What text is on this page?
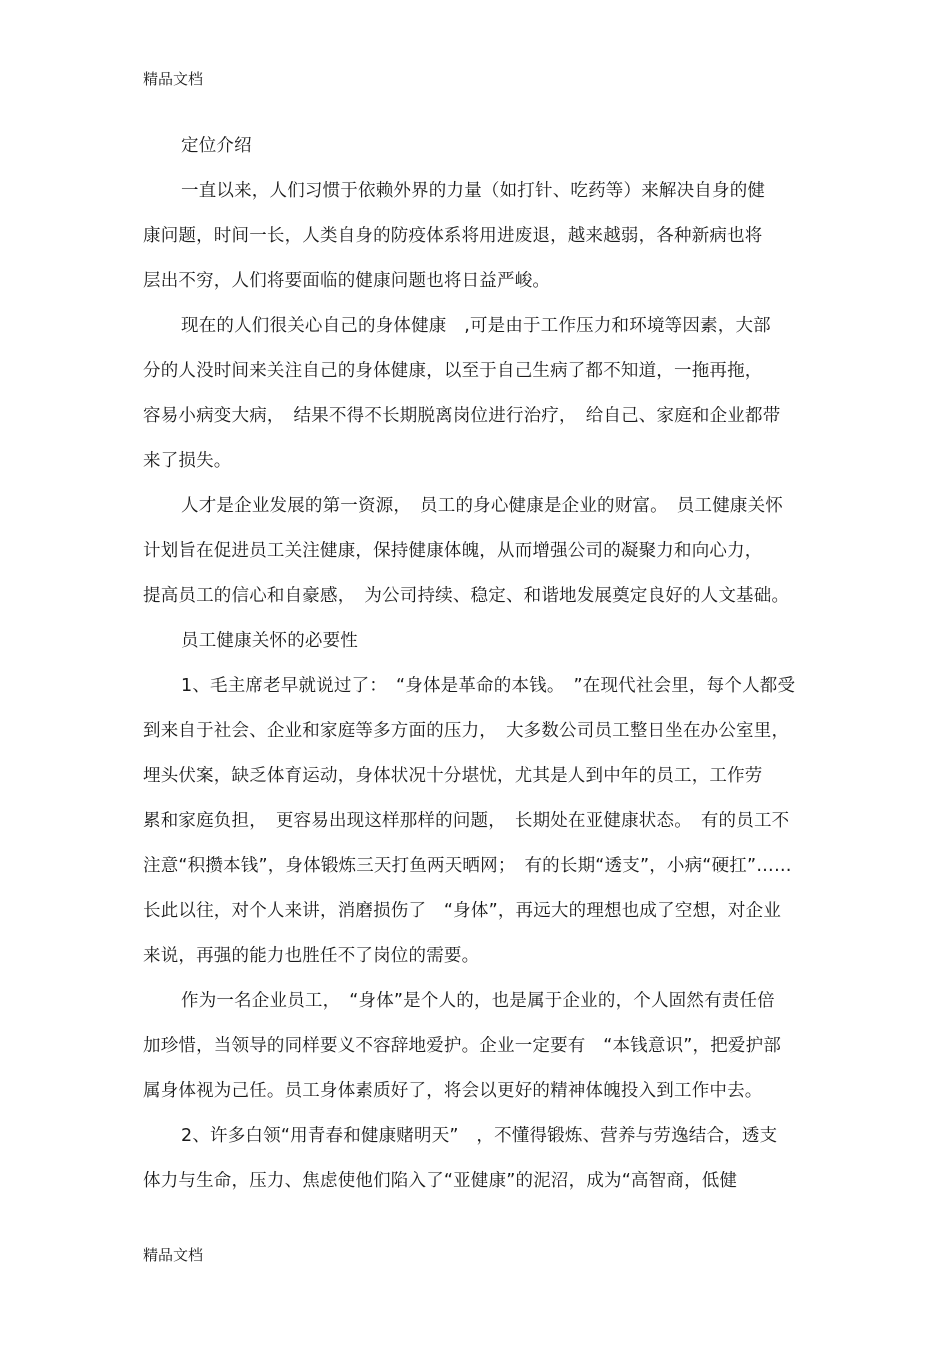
精品文档
定位介绍
一直以来，人们习惯于依赖外界的力量（如打针、吃药等）来解决自身的健
康问题，时间一长，人类自身的防疫体系将用进废退，越来越弱，各种新病也将
层出不穷，人们将要面临的健康问题也将日益严峻。
现在的人们很关心自己的身体健康　,可是由于工作压力和环境等因素，大部
分的人没时间来关注自己的身体健康，以至于自己生病了都不知道，一拖再拖，
容易小病变大病，　结果不得不长期脱离岗位进行治疗，　给自己、家庭和企业都带
来了损失。
人才是企业发展的第一资源，　员工的身心健康是企业的财富。　员工健康关怀
计划旨在促进员工关注健康，保持健康体魄，从而增强公司的凝聚力和向心力，
提高员工的信心和自豪感，　为公司持续、稳定、和谐地发展奠定良好的人文基础。
员工健康关怀的必要性
1、毛主席老早就说过了：　“身体是革命的本钱。　”在现代社会里，每个人都受
到来自于社会、企业和家庭等多方面的压力，　大多数公司员工整日坐在办公室里，
埋头伏案，缺乏体育运动，身体状况十分堪忧，尤其是人到中年的员工，工作劳
累和家庭负担，　更容易出现这样那样的问题，　长期处在亚健康状态。　有的员工不
注意“积攒本钱”，身体锻炼三天打鱼两天晒网；　有的长期“透支”，小病“硬扛”……
长此以往，对个人来讲，消磨损伤了　“身体”，再远大的理想也成了空想，对企业
来说，再强的能力也胜任不了岗位的需要。
作为一名企业员工，　“身体”是个人的，也是属于企业的，个人固然有责任倍
加珍惜，当领导的同样要义不容辞地爱护。企业一定要有　“本钱意识”，把爱护部
属身体视为己任。员工身体素质好了，将会以更好的精神体魄投入到工作中去。
2、许多白领“用青春和健康赌明天”　，不懂得锻炼、营养与劳逸结合，透支
体力与生命，压力、焦虑使他们陷入了“亚健康”的泥沼，成为“高智商，低健
精品文档
